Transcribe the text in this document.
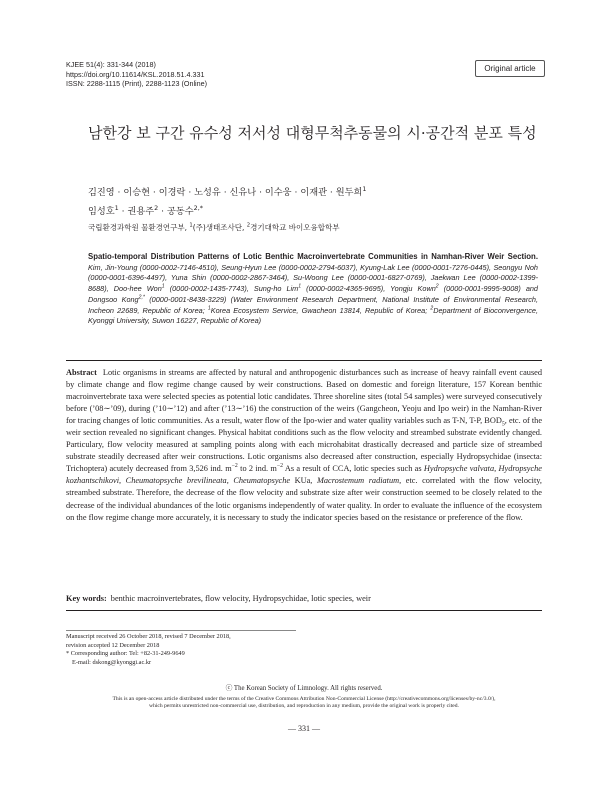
KJEE 51(4): 331-344 (2018)
https://doi.org/10.11614/KSL.2018.51.4.331
ISSN: 2288-1115 (Print), 2288-1123 (Online)
Original article
남한강 보 구간 유수성 저서성 대형무척추동물의 시·공간적 분포 특성
김진영 · 이승현 · 이경락 · 노성유 · 신유나 · 이수웅 · 이재관 · 원두희$^1$
임성호$^1$ · 권용주$^2$ · 공동수$^{2,*}$
국립환경과학원 물환경연구부, $^1$(주)생태조사단, $^2$경기대학교 바이오융합학부
Spatio-temporal Distribution Patterns of Lotic Benthic Macroinvertebrate Communities in Namhan-River Weir Section. Kim, Jin-Young (0000-0002-7146-4510), Seung-Hyun Lee (0000-0002-2794-6037), Kyung-Lak Lee (0000-0001-7276-0445), Seongyu Noh (0000-0001-6396-4497), Yuna Shin (0000-0002-2867-3464), Su-Woong Lee (0000-0001-6827-0769), Jaekwan Lee (0000-0002-1399-8688), Doo-hee Won$^1$ (0000-0002-1435-7743), Sung-ho Lim$^1$ (0000-0002-4365-9695), Yongju Kown$^2$ (0000-0001-9995-9008) and Dongsoo Kong$^{2,*}$ (0000-0001-8438-3229) (Water Environment Research Department, National Institute of Environmental Research, Incheon 22689, Republic of Korea; $^1$Korea Ecosystem Service, Gwacheon 13814, Republic of Korea; $^2$Department of Bioconvergence, Kyonggi University, Suwon 16227, Republic of Korea)
Abstract Lotic organisms in streams are affected by natural and anthropogenic disturbances such as increase of heavy rainfall event caused by climate change and flow regime change caused by weir constructions. Based on domestic and foreign literature, 157 Korean benthic macroinvertebrate taxa were selected species as potential lotic candidates. Three shoreline sites (total 54 samples) were surveyed consecutively before (’08∼’09), during (’10∼’12) and after (’13∼’16) the construction of the weirs (Gangcheon, Yeoju and Ipo weir) in the Namhan-River for tracing changes of lotic communities. As a result, water flow of the Ipo-wier and water quality variables such as T-N, T-P, $BOD_5$, etc. of the weir section revealed no significant changes. Physical habitat conditions such as the flow velocity and streambed substrate evidently changed. Particulary, flow velocity measured at sampling points along with each microhabitat drastically decreased and particle size of streambed substrate steadily decreased after weir constructions. Lotic organisms also decreased after construction, especially Hydropsychidae (insecta: Trichoptera) acutely decreased from 3,526 ind. $m^{-2}$ to 2 ind. $m^{-2}$ As a result of CCA, lotic species such as Hydropsyche valvata, Hydropsyche kozhantschikovi, Cheumatopsyche brevilineata, Cheumatopsyche KUa, Macrostemum radiatum, etc. correlated with the flow velocity, streambed substrate. Therefore, the decrease of the flow velocity and substrate size after weir construction seemed to be closely related to the decrease of the individual abundances of the lotic organisms independently of water quality. In order to evaluate the influence of the ecosystem on the flow regime change more accurately, it is necessary to study the indicator species based on the resistance or preference of the flow.
Key words: benthic macroinvertebrates, flow velocity, Hydropsychidae, lotic species, weir
Manuscript received 26 October 2018, revised 7 December 2018,
revision accepted 12 December 2018
* Corresponding author: Tel: +82-31-249-9649
E-mail: dskong@kyonggi.ac.kr
ⓒ The Korean Society of Limnology. All rights reserved.
This is an open-access article distributed under the terms of the Creative Commons Attribution Non-Commercial License (http://creativecommons.org/licenses/by-nc/3.0/),
which permits unrestricted non-commercial use, distribution, and reproduction in any medium, provide the original work is properly cited.
— 331 —
